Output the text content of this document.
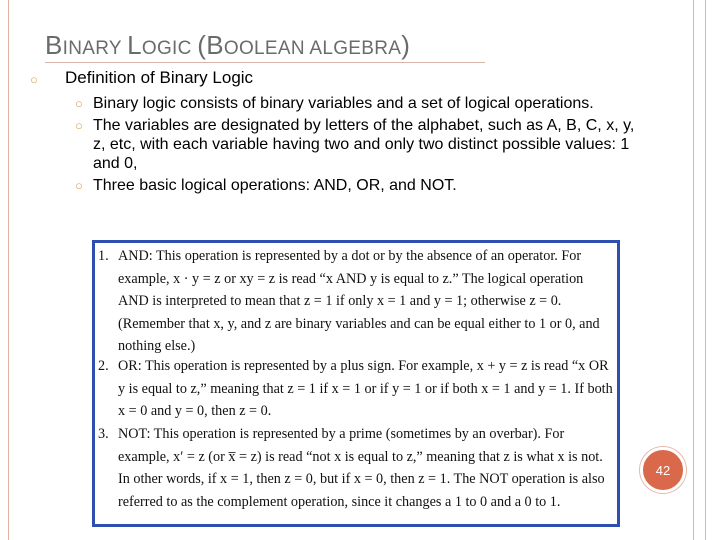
BINARY LOGIC (BOOLEAN ALGEBRA)
○ Definition of Binary Logic
○ Binary logic consists of binary variables and a set of logical operations.
○ The variables are designated by letters of the alphabet, such as A, B, C, x, y, z, etc, with each variable having two and only two distinct possible values: 1 and 0,
○ Three basic logical operations: AND, OR, and NOT.
1. AND: This operation is represented by a dot or by the absence of an operator. For example, x · y = z or xy = z is read “x AND y is equal to z.” The logical operation AND is interpreted to mean that z = 1 if only x = 1 and y = 1; otherwise z = 0. (Remember that x, y, and z are binary variables and can be equal either to 1 or 0, and nothing else.)
2. OR: This operation is represented by a plus sign. For example, x + y = z is read “x OR y is equal to z,” meaning that z = 1 if x = 1 or if y = 1 or if both x = 1 and y = 1. If both x = 0 and y = 0, then z = 0.
3. NOT: This operation is represented by a prime (sometimes by an overbar). For example, x′ = z (or x̅ = z) is read “not x is equal to z,” meaning that z is what x is not. In other words, if x = 1, then z = 0, but if x = 0, then z = 1. The NOT operation is also referred to as the complement operation, since it changes a 1 to 0 and a 0 to 1.
42
